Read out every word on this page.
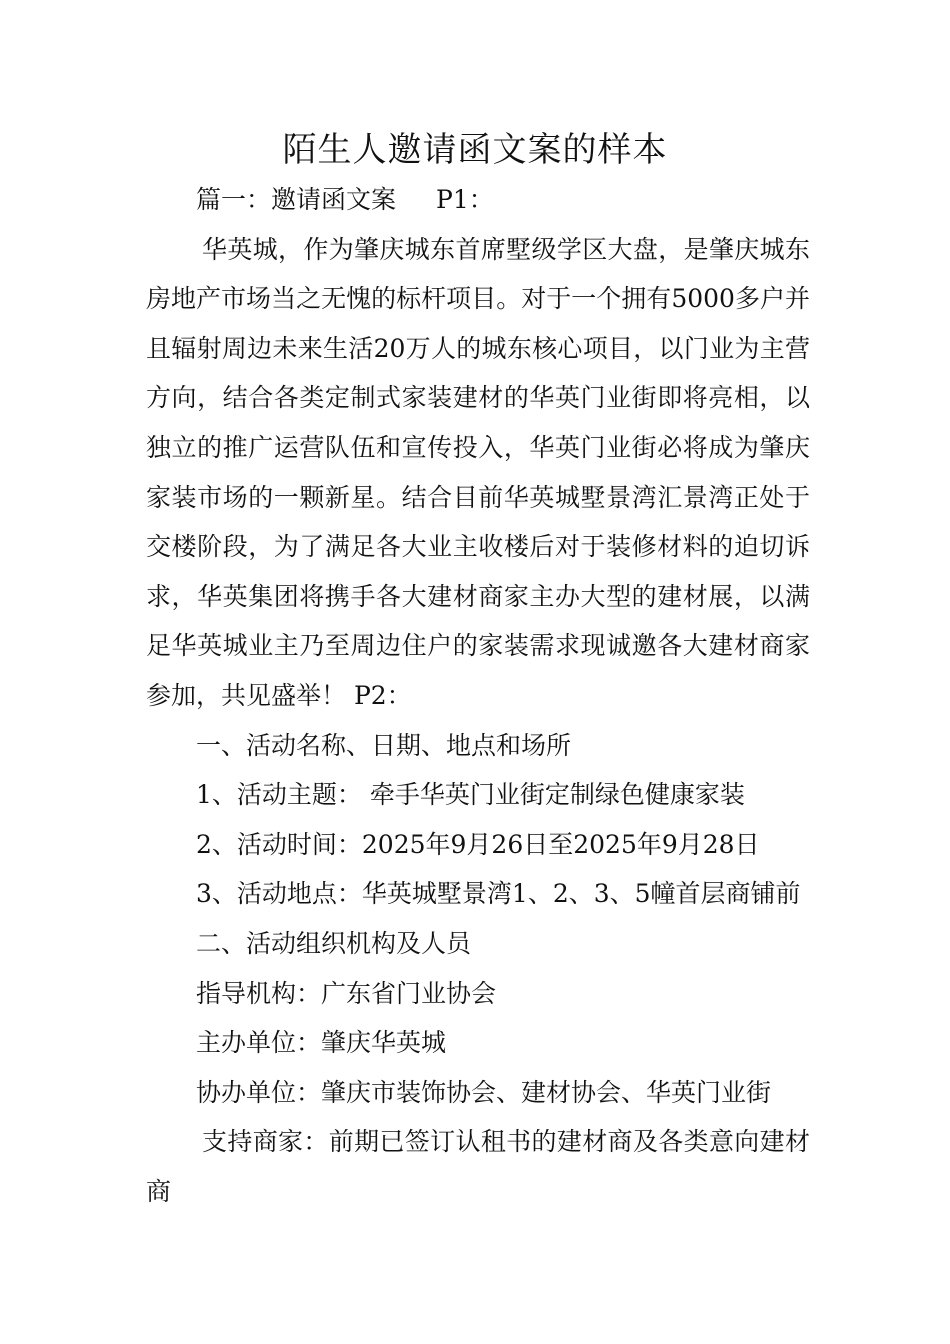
陌生人邀请函文案的样本
篇一：邀请函文案 P1：
华英城，作为肇庆城东首席墅级学区大盘，是肇庆城东房地产市场当之无愧的标杆项目。对于一个拥有5000多户并且辐射周边未来生活20万人的城东核心项目，以门业为主营方向，结合各类定制式家装建材的华英门业街即将亮相，以独立的推广运营队伍和宣传投入，华英门业街必将成为肇庆家装市场的一颗新星。结合目前华英城墅景湾汇景湾正处于交楼阶段，为了满足各大业主收楼后对于装修材料的迫切诉求，华英集团将携手各大建材商家主办大型的建材展，以满足华英城业主乃至周边住户的家装需求现诚邀各大建材商家参加，共见盛举！ P2：
一、活动名称、日期、地点和场所
1、活动主题： 牵手华英门业街定制绿色健康家装
2、活动时间：2025年9月26日至2025年9月28日
3、活动地点：华英城墅景湾1、2、3、5幢首层商铺前
二、活动组织机构及人员
指导机构：广东省门业协会
主办单位：肇庆华英城
协办单位：肇庆市装饰协会、建材协会、华英门业街
支持商家：前期已签订认租书的建材商及各类意向建材商
